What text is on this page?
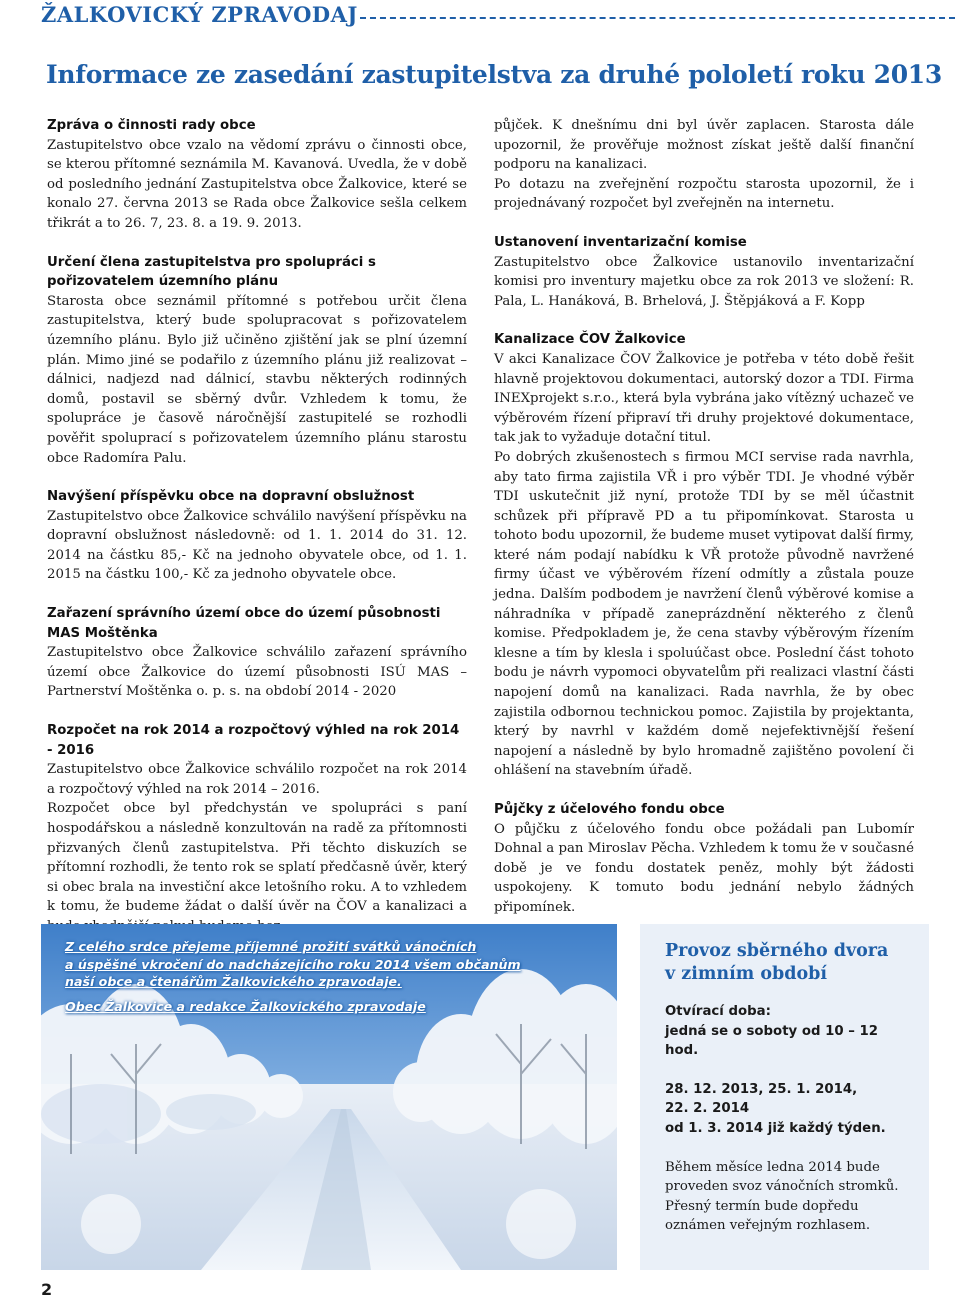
ŽALKOVICKÝ ZPRAVODAJ
Informace ze zasedání zastupitelstva za druhé pololetí roku 2013
Zpráva o činnosti rady obce

Zastupitelstvo obce vzalo na vědomí zprávu o činnosti obce, se kterou přítomné seznámila M. Kavanová. Uvedla, že v době od posledního jednání Zastupitelstva obce Žalkovice, které se konalo 27. června 2013 se Rada obce Žalkovice sešla celkem třikrát a to 26. 7, 23. 8. a 19. 9. 2013.

Určení člena zastupitelstva pro spolupráci s pořizovatelem územního plánu

Starosta obce seznámil přítomné s potřebou určit člena zastupitelstva, který bude spolupracovat s pořizovatelem územního plánu. Bylo již učiněno zjištění jak se plní územní plán. Mimo jiné se podařilo z územního plánu již realizovat – dálnici, nadjezd nad dálnicí, stavbu některých rodinných domů, postavil se sběrný dvůr. Vzhledem k tomu, že spolupráce je časově náročnější zastupitelé se rozhodli pověřit spoluprací s pořizovatelem územního plánu starostu obce Radomíra Palu.

Navýšení příspěvku obce na dopravní obslužnost

Zastupitelstvo obce Žalkovice schválilo navýšení příspěvku na dopravní obslužnost následovně: od 1. 1. 2014 do 31. 12. 2014 na částku 85,- Kč na jednoho obyvatele obce, od 1. 1. 2015 na částku 100,- Kč za jednoho obyvatele obce.

Zařazení správního území obce do území působnosti MAS Moštěnka

Zastupitelstvo obce Žalkovice schválilo zařazení správního území obce Žalkovice do území působnosti ISÚ MAS – Partnerství Moštěnka o. p. s. na období 2014 - 2020

Rozpočet na rok 2014 a rozpočtový výhled na rok 2014 - 2016

Zastupitelstvo obce Žalkovice schválilo rozpočet na rok 2014 a rozpočtový výhled na rok 2014 – 2016.

Rozpočet obce byl předchystán ve spolupráci s paní hospodářskou a následně konzultován na radě za přítomnosti přizvaných členů zastupitelstva. Při těchto diskuzích se přítomní rozhodli, že tento rok se splatí předčasně úvěr, který si obec brala na investiční akce letošního roku. A to vzhledem k tomu, že budeme žádat o další úvěr na ČOV a kanalizaci a

půjček. K dnešnímu dni byl úvěr zaplacen. Starosta dále upozornil, že prověřuje možnost získat ještě další finanční podporu na kanalizaci.

Po dotazu na zveřejnění rozpočtu starosta upozornil, že i projednávaný rozpočet byl zveřejněn na internetu.

Ustanovení inventarizační komise

Zastupitelstvo obce Žalkovice ustanovilo inventarizační komisi pro inventury majetku obce za rok 2013 ve složení: R. Pala, L. Hanáková, B. Brhelová, J. Štěpjáková a F. Kopp

Kanalizace ČOV Žalkovice

V akci Kanalizace ČOV Žalkovice je potřeba v této době řešit hlavně projektovou dokumentaci, autorský dozor a TDI. Firma INEXprojekt s.r.o., která byla vybrána jako vítězný uchazeč ve výběrovém řízení připraví tři druhy projektové dokumentace, tak jak to vyžaduje dotační titul.

Po dobrých zkušenostech s firmou MCI servise rada navrhla, aby tato firma zajistila VŘ i pro výběr TDI. Je vhodné výběr TDI uskutečnit již nyní, protože TDI by se měl účastnit schůzek při přípravě PD a tu připomínkovat. Starosta u tohoto bodu upozornil, že budeme muset vytipovat další firmy, které nám podají nabídku k VŘ protože původně navržené firmy účast ve výběrovém řízení odmítly a zůstala pouze jedna. Dalším podbodem je navržení členů výběrové komise a náhradníka v případě zaneprázdnění některého z členů komise. Předpokladem je, že cena stavby výběrovým řízením klesne a tím by klesla i spoluúčast obce. Poslední část tohoto bodu je návrh vypomoci obyvatelům při realizaci vlastní části napojení domů na kanalizaci. Rada navrhla, že by obec zajistila odbornou technickou pomoc. Zajistila by projektanta, který by navrhl v každém domě nejefektivnější řešení napojení a následně by bylo hromadně zajištěno povolení či ohlášení na stavebním úřadě.

Půjčky z účelového fondu obce

O půjčku z účelového fondu obce požádali pan Lubomír Dohnal a pan Miroslav Pěcha. Vzhledem k tomu že v současné době je ve fondu dostatek peněz, mohly být žádosti uspokojeny. K tomuto bodu jednání nebylo žádných připomínek.

Z celého srdce přejeme příjemné prožití svátků vánočních
a úspěšné vkročení do nadcházejícího roku 2014 všem občanům
naší obce a čtenářům Žalkovického zpravodaje.
Obec Žalkovice a redakce Žalkovického zpravodaje
Provoz sběrného dvora
v zimním období
Otvírací doba:
jedná se o soboty od 10 – 12 hod.
28. 12. 2013, 25. 1. 2014,
22. 2. 2014
od 1. 3. 2014 již každý týden.
Během měsíce ledna 2014 bude proveden svoz vánočních stromků. Přesný termín bude dopředu oznámen veřejným rozhlasem.
2
